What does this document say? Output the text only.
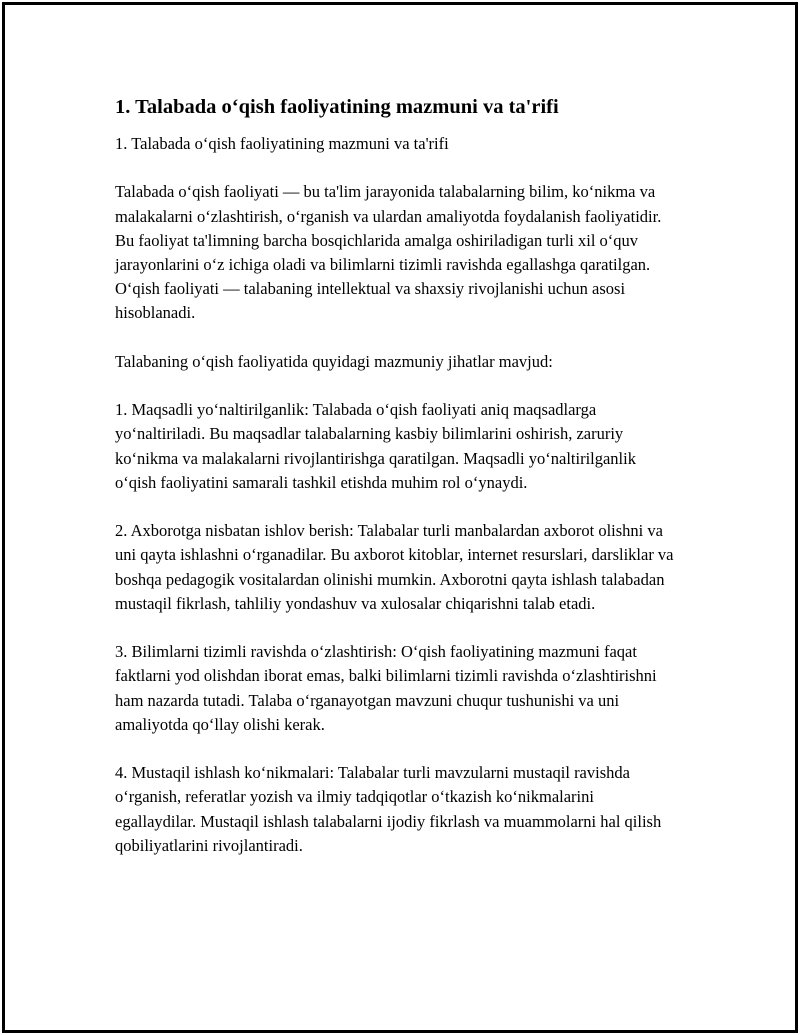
1. Talabada o‘qish faoliyatining mazmuni va ta'rifi

1. Talabada o‘qish faoliyatining mazmuni va ta'rifi

Talabada o‘qish faoliyati — bu ta'lim jarayonida talabalarning bilim, ko‘nikma va malakalarni o‘zlashtirish, o‘rganish va ulardan amaliyotda foydalanish faoliyatidir. Bu faoliyat ta'limning barcha bosqichlarida amalga oshiriladigan turli xil o‘quv jarayonlarini o‘z ichiga oladi va bilimlarni tizimli ravishda egallashga qaratilgan. O‘qish faoliyati — talabaning intellektual va shaxsiy rivojlanishi uchun asosi hisoblanadi.

Talabaning o‘qish faoliyatida quyidagi mazmuniy jihatlar mavjud:

1. Maqsadli yo‘naltirilganlik: Talabada o‘qish faoliyati aniq maqsadlarga yo‘naltiriladi. Bu maqsadlar talabalarning kasbiy bilimlarini oshirish, zaruriy ko‘nikma va malakalarni rivojlantirishga qaratilgan. Maqsadli yo‘naltirilganlik o‘qish faoliyatini samarali tashkil etishda muhim rol o‘ynaydi.

2. Axborotga nisbatan ishlov berish: Talabalar turli manbalardan axborot olishni va uni qayta ishlashni o‘rganadilar. Bu axborot kitoblar, internet resurslari, darsliklar va boshqa pedagogik vositalardan olinishi mumkin. Axborotni qayta ishlash talabadan mustaqil fikrlash, tahliliy yondashuv va xulosalar chiqarishni talab etadi.

3. Bilimlarni tizimli ravishda o‘zlashtirish: O‘qish faoliyatining mazmuni faqat faktlarni yod olishdan iborat emas, balki bilimlarni tizimli ravishda o‘zlashtirishni ham nazarda tutadi. Talaba o‘rganayotgan mavzuni chuqur tushunishi va uni amaliyotda qo‘llay olishi kerak.

4. Mustaqil ishlash ko‘nikmalari: Talabalar turli mavzularni mustaqil ravishda o‘rganish, referatlar yozish va ilmiy tadqiqotlar o‘tkazish ko‘nikmalarini egallaydilar. Mustaqil ishlash talabalarni ijodiy fikrlash va muammolarni hal qilish qobiliyatlarini rivojlantiradi.
